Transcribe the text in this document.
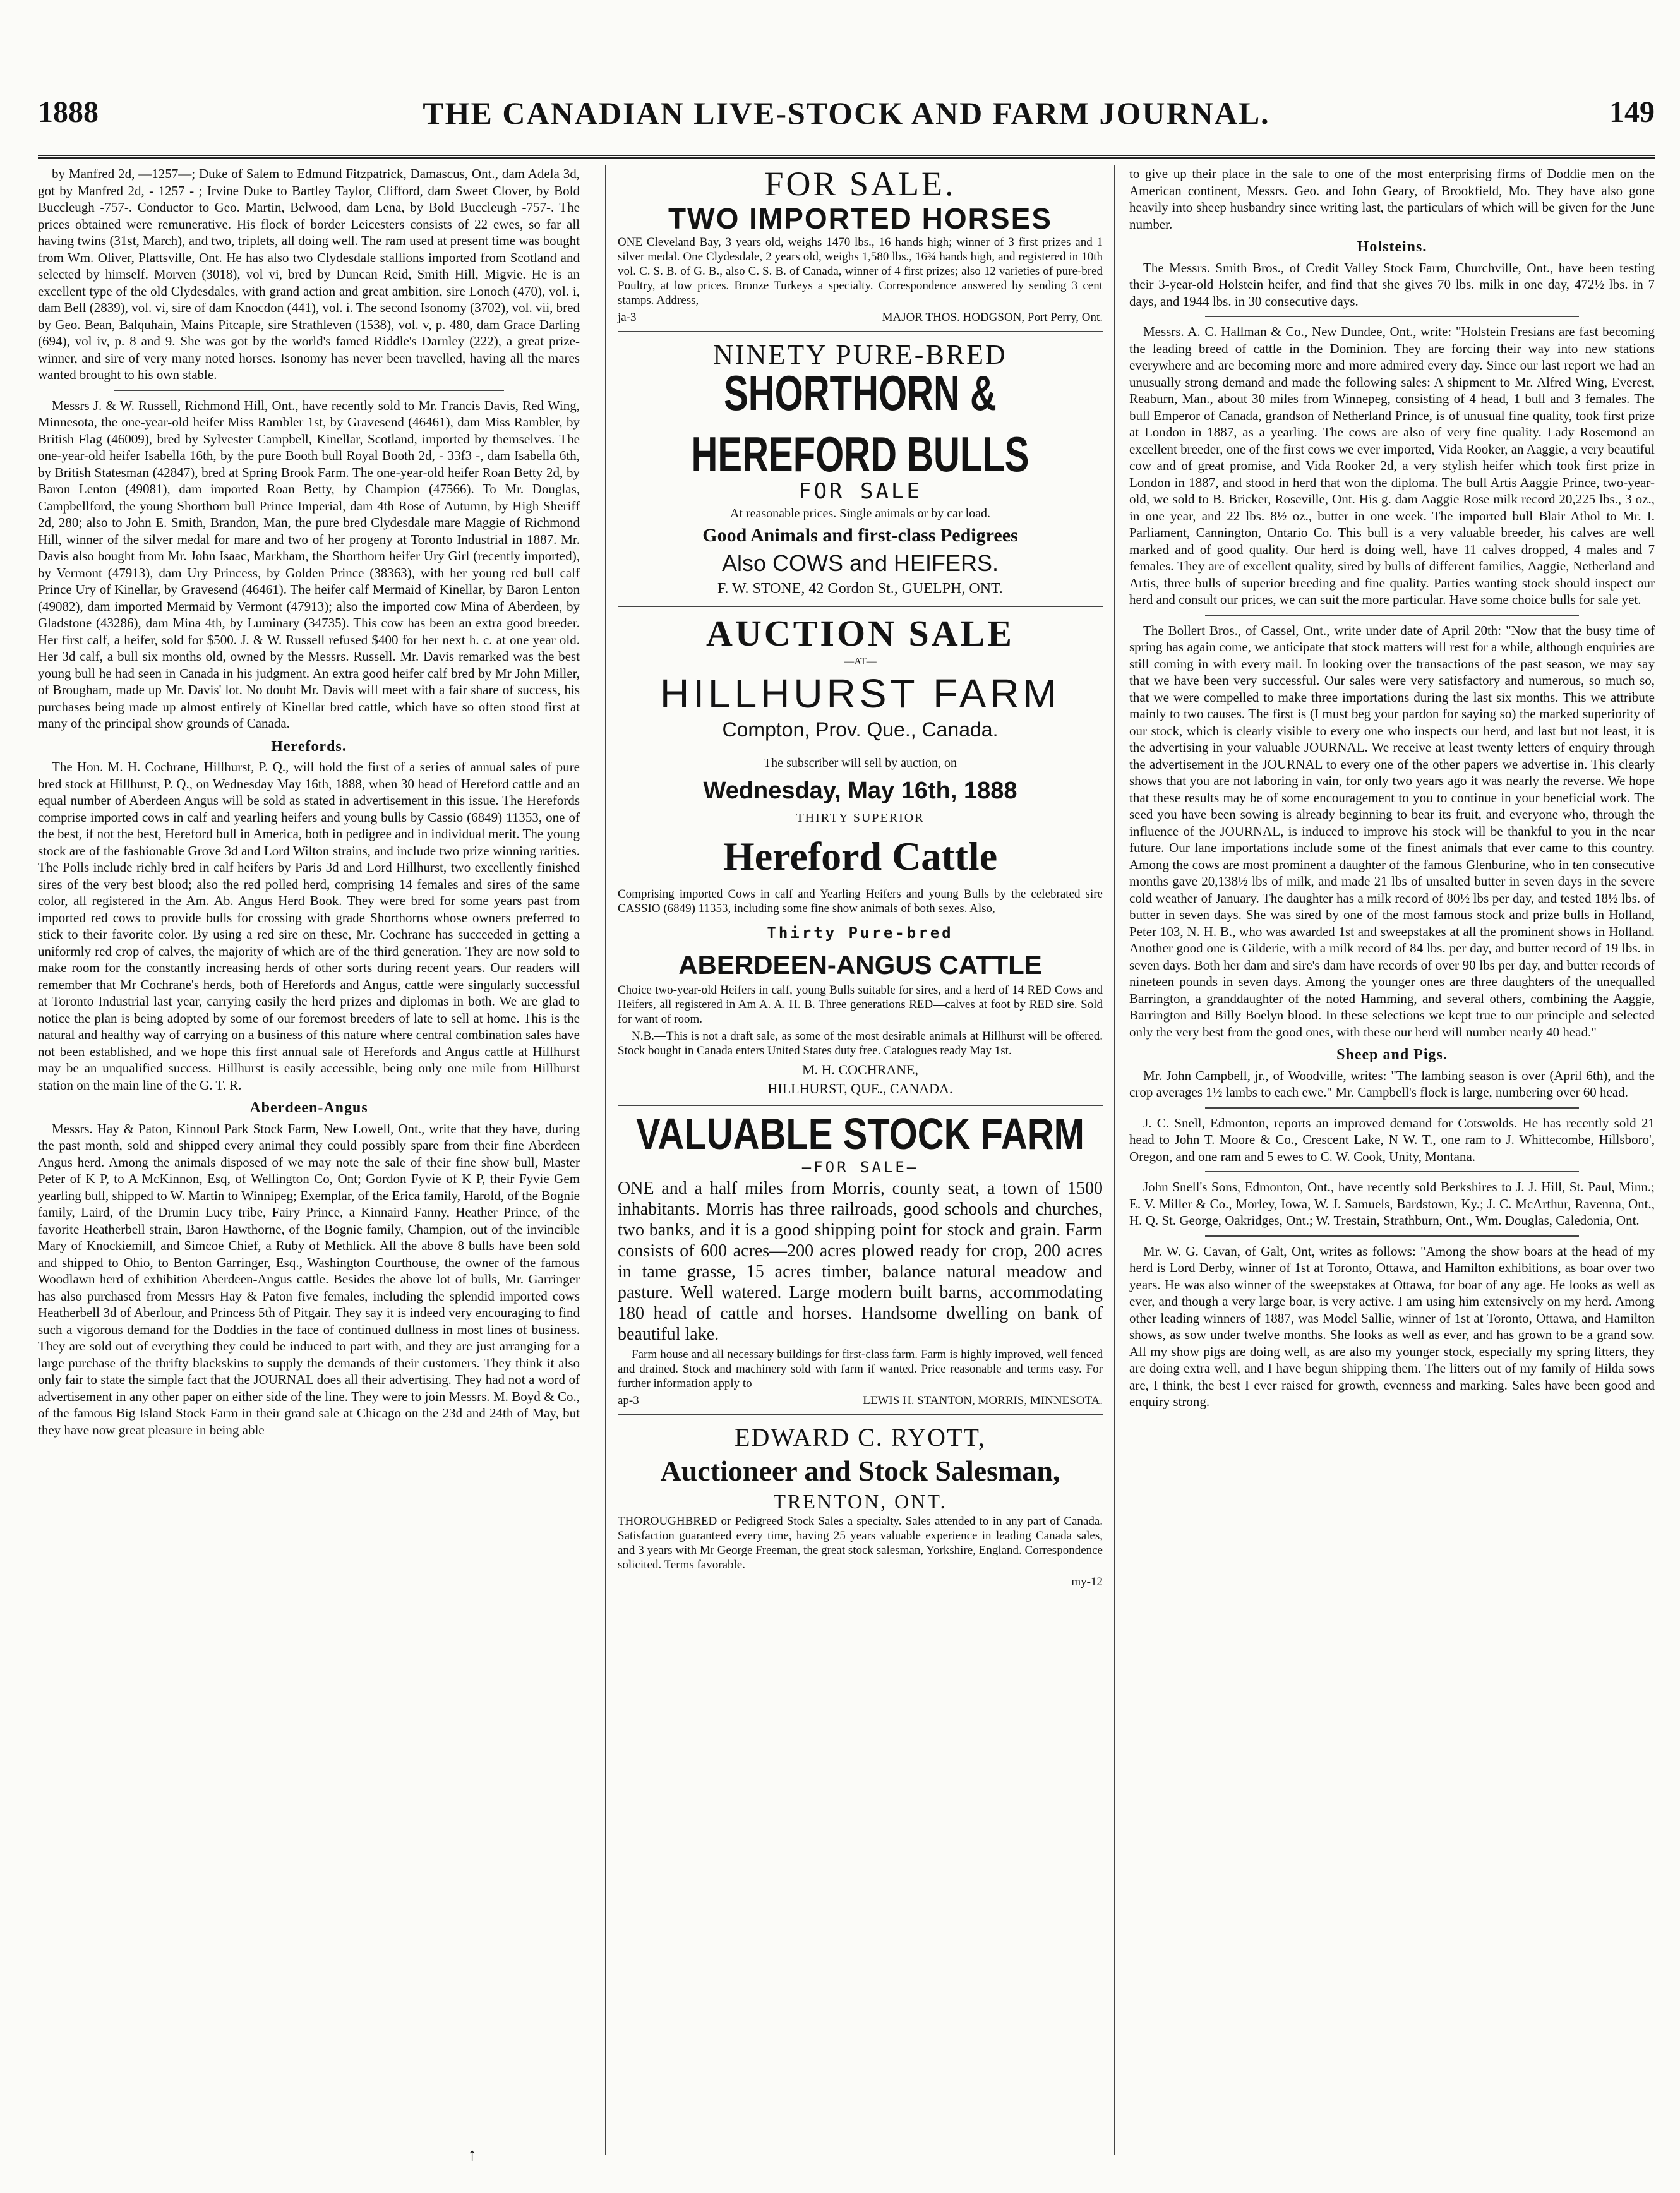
1888	THE CANADIAN LIVE-STOCK AND FARM JOURNAL.	149

by Manfred 2d, —1257—; Duke of Salem to Edmund Fitzpatrick, Damascus, Ont., dam Adela 3d, got by Manfred 2d, - 1257 - ; Irvine Duke to Bartley Taylor, Clifford, dam Sweet Clover, by Bold Buccleugh -757-. Conductor to Geo. Martin, Belwood, dam Lena, by Bold Buccleugh -757-. The prices obtained were remunerative. His flock of border Leicesters consists of 22 ewes, so far all having twins (31st, March), and two, triplets, all doing well. The ram used at present time was bought from Wm. Oliver, Plattsville, Ont. He has also two Clydesdale stallions imported from Scotland and selected by himself. Morven (3018), vol vi, bred by Duncan Reid, Smith Hill, Migvie. He is an excellent type of the old Clydesdales, with grand action and great ambition, sire Lonoch (470), vol. i, dam Bell (2839), vol. vi, sire of dam Knocdon (441), vol. i. The second Isonomy (3702), vol. vii, bred by Geo. Bean, Balquhain, Mains Pitcaple, sire Strathleven (1538), vol. v, p. 480, dam Grace Darling (694), vol iv, p. 8 and 9. She was got by the world's famed Riddle's Darnley (222), a great prize-winner, and sire of very many noted horses. Isonomy has never been travelled, having all the mares wanted brought to his own stable.

Messrs J. & W. Russell, Richmond Hill, Ont., have recently sold to Mr. Francis Davis, Red Wing, Minnesota, the one-year-old heifer Miss Rambler 1st, by Gravesend (46461), dam Miss Rambler, by British Flag (46009), bred by Sylvester Campbell, Kinellar, Scotland, imported by themselves. The one-year-old heifer Isabella 16th, by the pure Booth bull Royal Booth 2d, - 33f3 -, dam Isabella 6th, by British Statesman (42847), bred at Spring Brook Farm. The one-year-old heifer Roan Betty 2d, by Baron Lenton (49081), dam imported Roan Betty, by Champion (47566). To Mr. Douglas, Campbellford, the young Shorthorn bull Prince Imperial, dam 4th Rose of Autumn, by High Sheriff 2d, 280; also to John E. Smith, Brandon, Man, the pure bred Clydesdale mare Maggie of Richmond Hill, winner of the silver medal for mare and two of her progeny at Toronto Industrial in 1887. Mr. Davis also bought from Mr. John Isaac, Markham, the Shorthorn heifer Ury Girl (recently imported), by Vermont (47913), dam Ury Princess, by Golden Prince (38363), with her young red bull calf Prince Ury of Kinellar, by Gravesend (46461). The heifer calf Mermaid of Kinellar, by Baron Lenton (49082), dam imported Mermaid by Vermont (47913); also the imported cow Mina of Aberdeen, by Gladstone (43286), dam Mina 4th, by Luminary (34735). This cow has been an extra good breeder. Her first calf, a heifer, sold for $500. J. & W. Russell refused $400 for her next h. c. at one year old. Her 3d calf, a bull six months old, owned by the Messrs. Russell. Mr. Davis remarked was the best young bull he had seen in Canada in his judgment. An extra good heifer calf bred by Mr John Miller, of Brougham, made up Mr. Davis' lot. No doubt Mr. Davis will meet with a fair share of success, his purchases being made up almost entirely of Kinellar bred cattle, which have so often stood first at many of the principal show grounds of Canada.

Herefords.

The Hon. M. H. Cochrane, Hillhurst, P. Q., will hold the first of a series of annual sales of pure bred stock at Hillhurst, P. Q., on Wednesday May 16th, 1888, when 30 head of Hereford cattle and an equal number of Aberdeen Angus will be sold as stated in advertisement in this issue. The Herefords comprise imported cows in calf and yearling heifers and young bulls by Cassio (6849) 11353, one of the best, if not the best, Hereford bull in America, both in pedigree and in individual merit. The young stock are of the fashionable Grove 3d and Lord Wilton strains, and include two prize winning rarities. The Polls include richly bred in calf heifers by Paris 3d and Lord Hillhurst, two excellently finished sires of the very best blood; also the red polled herd, comprising 14 females and sires of the same color, all registered in the Am. Ab. Angus Herd Book. They were bred for some years past from imported red cows to provide bulls for crossing with grade Shorthorns whose owners preferred to stick to their favorite color. By using a red sire on these, Mr. Cochrane has succeeded in getting a uniformly red crop of calves, the majority of which are of the third generation. They are now sold to make room for the constantly increasing herds of other sorts during recent years. Our readers will remember that Mr Cochrane's herds, both of Herefords and Angus, cattle were singularly successful at Toronto Industrial last year, carrying easily the herd prizes and diplomas in both. We are glad to notice the plan is being adopted by some of our foremost breeders of late to sell at home. This is the natural and healthy way of carrying on a business of this nature where central combination sales have not been established, and we hope this first annual sale of Herefords and Angus cattle at Hillhurst may be an unqualified success. Hillhurst is easily accessible, being only one mile from Hillhurst station on the main line of the G. T. R.

Aberdeen-Angus

Messrs. Hay & Paton, Kinnoul Park Stock Farm, New Lowell, Ont., write that they have, during the past month, sold and shipped every animal they could possibly spare from their fine Aberdeen Angus herd. Among the animals disposed of we may note the sale of their fine show bull, Master Peter of K P, to A McKinnon, Esq, of Wellington Co, Ont; Gordon Fyvie of K P, their Fyvie Gem yearling bull, shipped to W. Martin to Winnipeg; Exemplar, of the Erica family, Harold, of the Bognie family, Laird, of the Drumin Lucy tribe, Fairy Prince, a Kinnaird Fanny, Heather Prince, of the favorite Heatherbell strain, Baron Hawthorne, of the Bognie family, Champion, out of the invincible Mary of Knockiemill, and Simcoe Chief, a Ruby of Methlick. All the above 8 bulls have been sold and shipped to Ohio, to Benton Garringer, Esq., Washington Courthouse, the owner of the famous Woodlawn herd of exhibition Aberdeen-Angus cattle. Besides the above lot of bulls, Mr. Garringer has also purchased from Messrs Hay & Paton five females, including the splendid imported cows Heatherbell 3d of Aberlour, and Princess 5th of Pitgair. They say it is indeed very encouraging to find such a vigorous demand for the Doddies in the face of continued dullness in most lines of business. They are sold out of everything they could be induced to part with, and they are just arranging for a large purchase of the thrifty blackskins to supply the demands of their customers. They think it also only fair to state the simple fact that the JOURNAL does all their advertising. They had not a word of advertisement in any other paper on either side of the line. They were to join Messrs. M. Boyd & Co., of the famous Big Island Stock Farm in their grand sale at Chicago on the 23d and 24th of May, but they have now great pleasure in being able

FOR SALE.
TWO IMPORTED HORSES

ONE Cleveland Bay, 3 years old, weighs 1470 lbs., 16 hands high; winner of 3 first prizes and 1 silver medal. One Clydesdale, 2 years old, weighs 1,580 lbs., 16¾ hands high, and registered in 10th vol. C. S. B. of G. B., also C. S. B. of Canada, winner of 4 first prizes; also 12 varieties of pure-bred Poultry, at low prices. Bronze Turkeys a specialty. Correspondence answered by sending 3 cent stamps. Address,

ja-3	MAJOR THOS. HODGSON, Port Perry, Ont.
NINETY PURE-BRED
SHORTHORN & HEREFORD BULLS
FOR SALE
At reasonable prices. Single animals or by car load.
Good Animals and first-class Pedigrees
Also COWS and HEIFERS.
F. W. STONE, 42 Gordon St., GUELPH, ONT.
AUCTION SALE
—AT—
HILLHURST FARM
Compton, Prov. Que., Canada.
The subscriber will sell by auction, on
Wednesday, May 16th, 1888
THIRTY SUPERIOR
Hereford Cattle

Comprising imported Cows in calf and Yearling Heifers and young Bulls by the celebrated sire CASSIO (6849) 11353, including some fine show animals of both sexes. Also,

Thirty Pure-bred
ABERDEEN-ANGUS CATTLE

Choice two-year-old Heifers in calf, young Bulls suitable for sires, and a herd of 14 RED Cows and Heifers, all registered in Am A. A. H. B. Three generations RED—calves at foot by RED sire. Sold for want of room.

N.B.—This is not a draft sale, as some of the most desirable animals at Hillhurst will be offered. Stock bought in Canada enters United States duty free. Catalogues ready May 1st.

M. H. COCHRANE,
HILLHURST, QUE., CANADA.
VALUABLE STOCK FARM
—FOR SALE—

ONE and a half miles from Morris, county seat, a town of 1500 inhabitants. Morris has three railroads, good schools and churches, two banks, and it is a good shipping point for stock and grain. Farm consists of 600 acres—200 acres plowed ready for crop, 200 acres in tame grasse, 15 acres timber, balance natural meadow and pasture. Well watered. Large modern built barns, accommodating 180 head of cattle and horses. Handsome dwelling on bank of beautiful lake.

Farm house and all necessary buildings for first-class farm. Farm is highly improved, well fenced and drained. Stock and machinery sold with farm if wanted. Price reasonable and terms easy. For further information apply to

ap-3	LEWIS H. STANTON, MORRIS, MINNESOTA.
EDWARD C. RYOTT,
Auctioneer and Stock Salesman,
TRENTON, ONT.

THOROUGHBRED or Pedigreed Stock Sales a specialty. Sales attended to in any part of Canada. Satisfaction guaranteed every time, having 25 years valuable experience in leading Canada sales, and 3 years with Mr George Freeman, the great stock salesman, Yorkshire, England. Correspondence solicited. Terms favorable.

my-12

to give up their place in the sale to one of the most enterprising firms of Doddie men on the American continent, Messrs. Geo. and John Geary, of Brookfield, Mo. They have also gone heavily into sheep husbandry since writing last, the particulars of which will be given for the June number.

Holsteins.

The Messrs. Smith Bros., of Credit Valley Stock Farm, Churchville, Ont., have been testing their 3-year-old Holstein heifer, and find that she gives 70 lbs. milk in one day, 472½ lbs. in 7 days, and 1944 lbs. in 30 consecutive days.

Messrs. A. C. Hallman & Co., New Dundee, Ont., write: "Holstein Fresians are fast becoming the leading breed of cattle in the Dominion. They are forcing their way into new stations everywhere and are becoming more and more admired every day. Since our last report we had an unusually strong demand and made the following sales: A shipment to Mr. Alfred Wing, Everest, Reaburn, Man., about 30 miles from Winnepeg, consisting of 4 head, 1 bull and 3 females. The bull Emperor of Canada, grandson of Netherland Prince, is of unusual fine quality, took first prize at London in 1887, as a yearling. The cows are also of very fine quality. Lady Rosemond an excellent breeder, one of the first cows we ever imported, Vida Rooker, an Aaggie, a very beautiful cow and of great promise, and Vida Rooker 2d, a very stylish heifer which took first prize in London in 1887, and stood in herd that won the diploma. The bull Artis Aaggie Prince, two-year-old, we sold to B. Bricker, Roseville, Ont. His g. dam Aaggie Rose milk record 20,225 lbs., 3 oz., in one year, and 22 lbs. 8½ oz., butter in one week. The imported bull Blair Athol to Mr. I. Parliament, Cannington, Ontario Co. This bull is a very valuable breeder, his calves are well marked and of good quality. Our herd is doing well, have 11 calves dropped, 4 males and 7 females. They are of excellent quality, sired by bulls of different families, Aaggie, Netherland and Artis, three bulls of superior breeding and fine quality. Parties wanting stock should inspect our herd and consult our prices, we can suit the more particular. Have some choice bulls for sale yet.

The Bollert Bros., of Cassel, Ont., write under date of April 20th: "Now that the busy time of spring has again come, we anticipate that stock matters will rest for a while, although enquiries are still coming in with every mail. In looking over the transactions of the past season, we may say that we have been very successful. Our sales were very satisfactory and numerous, so much so, that we were compelled to make three importations during the last six months. This we attribute mainly to two causes. The first is (I must beg your pardon for saying so) the marked superiority of our stock, which is clearly visible to every one who inspects our herd, and last but not least, it is the advertising in your valuable JOURNAL. We receive at least twenty letters of enquiry through the advertisement in the JOURNAL to every one of the other papers we advertise in. This clearly shows that you are not laboring in vain, for only two years ago it was nearly the reverse. We hope that these results may be of some encouragement to you to continue in your beneficial work. The seed you have been sowing is already beginning to bear its fruit, and everyone who, through the influence of the JOURNAL, is induced to improve his stock will be thankful to you in the near future. Our lane importations include some of the finest animals that ever came to this country. Among the cows are most prominent a daughter of the famous Glenburine, who in ten consecutive months gave 20,138½ lbs of milk, and made 21 lbs of unsalted butter in seven days in the severe cold weather of January. The daughter has a milk record of 80½ lbs per day, and tested 18½ lbs. of butter in seven days. She was sired by one of the most famous stock and prize bulls in Holland, Peter 103, N. H. B., who was awarded 1st and sweepstakes at all the prominent shows in Holland. Another good one is Gilderie, with a milk record of 84 lbs. per day, and butter record of 19 lbs. in seven days. Both her dam and sire's dam have records of over 90 lbs per day, and butter records of nineteen pounds in seven days. Among the younger ones are three daughters of the unequalled Barrington, a granddaughter of the noted Hamming, and several others, combining the Aaggie, Barrington and Billy Boelyn blood. In these selections we kept true to our principle and selected only the very best from the good ones, with these our herd will number nearly 40 head."

Sheep and Pigs.

Mr. John Campbell, jr., of Woodville, writes: "The lambing season is over (April 6th), and the crop averages 1½ lambs to each ewe." Mr. Campbell's flock is large, numbering over 60 head.

J. C. Snell, Edmonton, reports an improved demand for Cotswolds. He has recently sold 21 head to John T. Moore & Co., Crescent Lake, N W. T., one ram to J. Whittecombe, Hillsboro', Oregon, and one ram and 5 ewes to C. W. Cook, Unity, Montana.

John Snell's Sons, Edmonton, Ont., have recently sold Berkshires to J. J. Hill, St. Paul, Minn.; E. V. Miller & Co., Morley, Iowa, W. J. Samuels, Bardstown, Ky.; J. C. McArthur, Ravenna, Ont., H. Q. St. George, Oakridges, Ont.; W. Trestain, Strathburn, Ont., Wm. Douglas, Caledonia, Ont.

Mr. W. G. Cavan, of Galt, Ont, writes as follows: "Among the show boars at the head of my herd is Lord Derby, winner of 1st at Toronto, Ottawa, and Hamilton exhibitions, as boar over two years. He was also winner of the sweepstakes at Ottawa, for boar of any age. He looks as well as ever, and though a very large boar, is very active. I am using him extensively on my herd. Among other leading winners of 1887, was Model Sallie, winner of 1st at Toronto, Ottawa, and Hamilton shows, as sow under twelve months. She looks as well as ever, and has grown to be a grand sow. All my show pigs are doing well, as are also my younger stock, especially my spring litters, they are doing extra well, and I have begun shipping them. The litters out of my family of Hilda sows are, I think, the best I ever raised for growth, evenness and marking. Sales have been good and enquiry strong.

↑
